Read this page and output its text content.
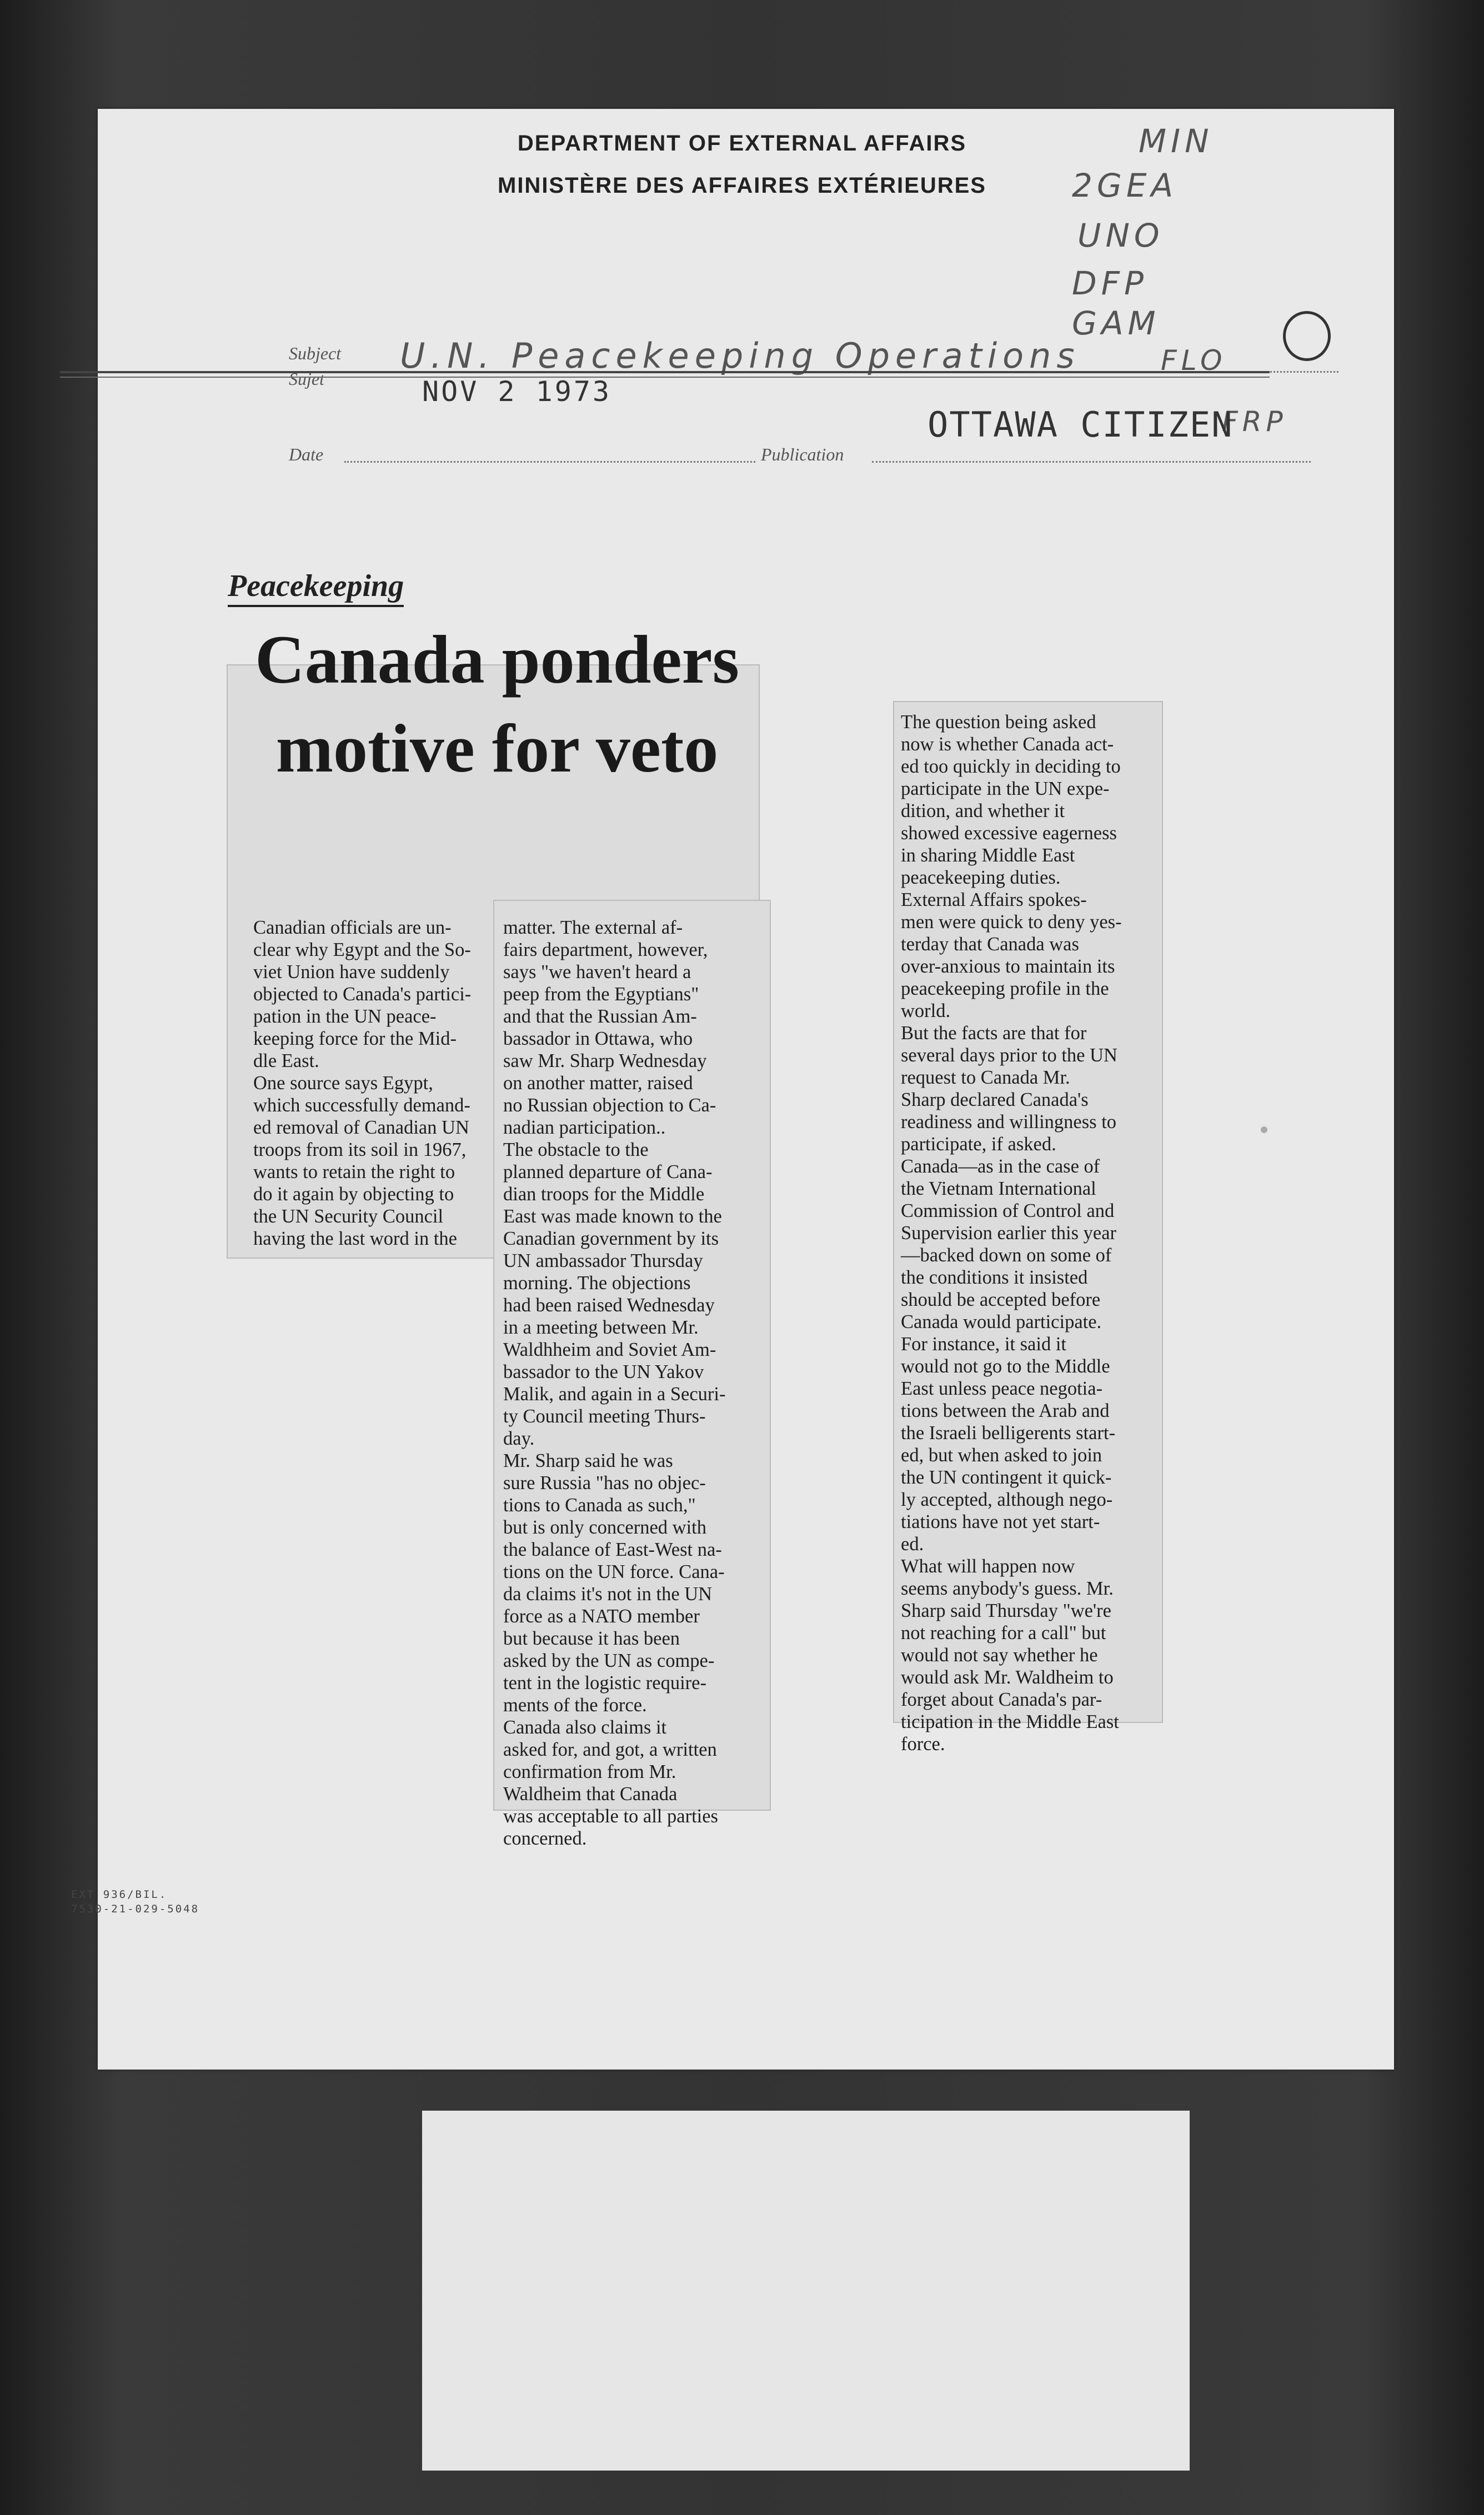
DEPARTMENT OF EXTERNAL AFFAIRS
MINISTÈRE DES AFFAIRES EXTÉRIEURES
MIN
2GEA
UNO
DFP
GAM
FLO
FRP
Subject
Sujet
U.N. Peacekeeping Operations
NOV 2 1973
Date	Publication
OTTAWA CITIZEN
Peacekeeping

Canada ponders
motive for veto

Canadian officials are un-
clear why Egypt and the So-
viet Union have suddenly
objected to Canada's partici-
pation in the UN peace-
keeping force for the Mid-
dle East.
One source says Egypt,
which successfully demand-
ed removal of Canadian UN
troops from its soil in 1967,
wants to retain the right to
do it again by objecting to
the UN Security Council
having the last word in the

matter. The external af-
fairs department, however,
says "we haven't heard a
peep from the Egyptians"
and that the Russian Am-
bassador in Ottawa, who
saw Mr. Sharp Wednesday
on another matter, raised
no Russian objection to Ca-
nadian participation..
The obstacle to the
planned departure of Cana-
dian troops for the Middle
East was made known to the
Canadian government by its
UN ambassador Thursday
morning. The objections
had been raised Wednesday
in a meeting between Mr.
Waldhheim and Soviet Am-
bassador to the UN Yakov
Malik, and again in a Securi-
ty Council meeting Thurs-
day.
Mr. Sharp said he was
sure Russia "has no objec-
tions to Canada as such,"
but is only concerned with
the balance of East-West na-
tions on the UN force. Cana-
da claims it's not in the UN
force as a NATO member
but because it has been
asked by the UN as compe-
tent in the logistic require-
ments of the force.
Canada also claims it
asked for, and got, a written
confirmation from Mr.
Waldheim that Canada
was acceptable to all parties
concerned.

The question being asked
now is whether Canada act-
ed too quickly in deciding to
participate in the UN expe-
dition, and whether it
showed excessive eagerness
in sharing Middle East
peacekeeping duties.
External Affairs spokes-
men were quick to deny yes-
terday that Canada was
over-anxious to maintain its
peacekeeping profile in the
world.
But the facts are that for
several days prior to the UN
request to Canada Mr.
Sharp declared Canada's
readiness and willingness to
participate, if asked.
Canada—as in the case of
the Vietnam International
Commission of Control and
Supervision earlier this year
—backed down on some of
the conditions it insisted
should be accepted before
Canada would participate.
For instance, it said it
would not go to the Middle
East unless peace negotia-
tions between the Arab and
the Israeli belligerents start-
ed, but when asked to join
the UN contingent it quick-
ly accepted, although nego-
tiations have not yet start-
ed.
What will happen now
seems anybody's guess. Mr.
Sharp said Thursday "we're
not reaching for a call" but
would not say whether he
would ask Mr. Waldheim to
forget about Canada's par-
ticipation in the Middle East
force.

EXT 936/BIL.
7530-21-029-5048
